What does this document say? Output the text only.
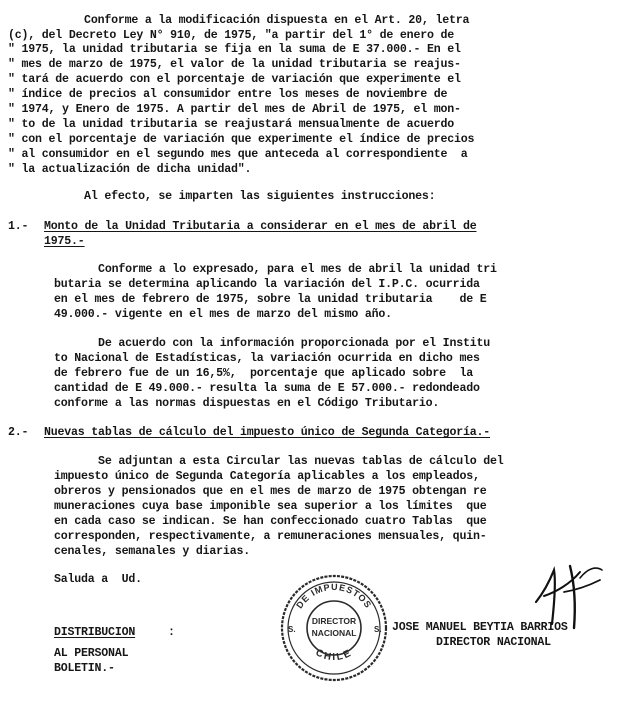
Conforme a la modificación dispuesta en el Art. 20, letra
(c), del Decreto Ley N° 910, de 1975, "a partir del 1° de enero de
" 1975, la unidad tributaria se fija en la suma de E 37.000.- En el
" mes de marzo de 1975, el valor de la unidad tributaria se reajus-
" tará de acuerdo con el porcentaje de variación que experimente el
" índice de precios al consumidor entre los meses de noviembre de
" 1974, y Enero de 1975. A partir del mes de Abril de 1975, el mon-
" to de la unidad tributaria se reajustará mensualmente de acuerdo
" con el porcentaje de variación que experimente el índice de precios
" al consumidor en el segundo mes que anteceda al correspondiente  a
" la actualización de dicha unidad".
Al efecto, se imparten las siguientes instrucciones:
1.- Monto de la Unidad Tributaria a considerar en el mes de abril de
1975.-
Conforme a lo expresado, para el mes de abril la unidad tri
butaria se determina aplicando la variación del I.P.C. ocurrida
en el mes de febrero de 1975, sobre la unidad tributaria    de E
49.000.- vigente en el mes de marzo del mismo año.
De acuerdo con la información proporcionada por el Institu
to Nacional de Estadísticas, la variación ocurrida en dicho mes
de febrero fue de un 16,5%,  porcentaje que aplicado sobre  la
cantidad de E 49.000.- resulta la suma de E 57.000.- redondeado
conforme a las normas dispuestas en el Código Tributario.
2.- Nuevas tablas de cálculo del impuesto único de Segunda Categoría.-
Se adjuntan a esta Circular las nuevas tablas de cálculo del
impuesto único de Segunda Categoría aplicables a los empleados,
obreros y pensionados que en el mes de marzo de 1975 obtengan re
muneraciones cuya base imponible sea superior a los límites  que
en cada caso se indican. Se han confeccionado cuatro Tablas  que
corresponden, respectivamente, a remuneraciones mensuales, quin-
cenales, semanales y diarias.
Saluda a  Ud.
DISTRIBUCION	:
AL PERSONAL
BOLETIN.-
JOSE MANUEL BEYTIA BARRIOS
DIRECTOR NACIONAL
DE IMPUESTOS
CHILE
S.	S.
DIRECTOR
NACIONAL
